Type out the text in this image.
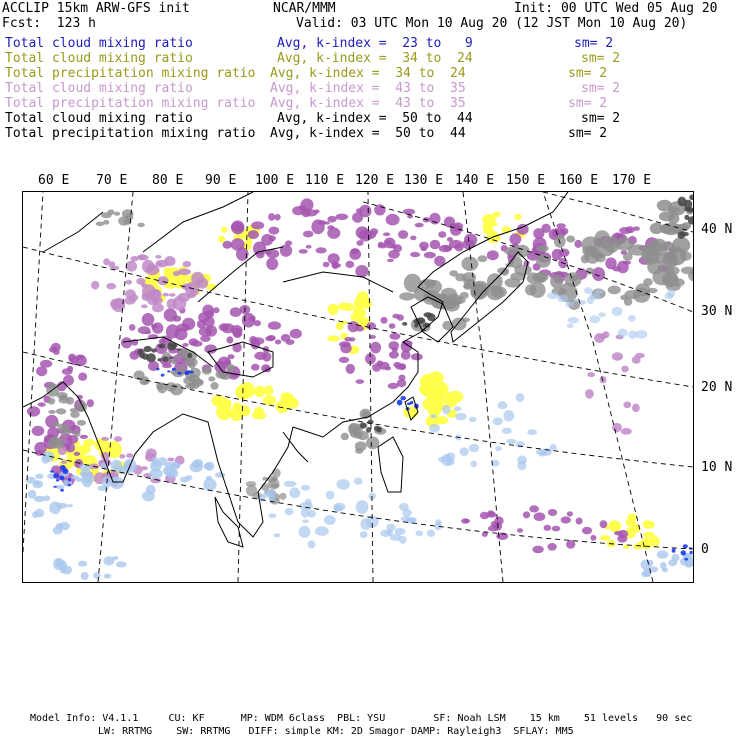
ACCLIP 15km ARW-GFS init	NCAR/MMM	Init: 00 UTC Wed 05 Aug 20
Fcst:  123 h	Valid: 03 UTC Mon 10 Aug 20 (12 JST Mon 10 Aug 20)
Total cloud mixing ratio	Avg, k-index =  23 to   9	sm= 2
Total cloud mixing ratio	Avg, k-index =  34 to  24	sm= 2
Total precipitation mixing ratio Avg, k-index =  34 to  24	sm= 2
Total cloud mixing ratio	Avg, k-index =  43 to  35	sm= 2
Total precipitation mixing ratio Avg, k-index =  43 to  35	sm= 2
Total cloud mixing ratio	Avg, k-index =  50 to  44	sm= 2
Total precipitation mixing ratio Avg, k-index =  50 to  44	sm= 2
60 E 70 E 80 E 90 E 100 E 110 E 120 E 130 E 140 E 150 E 160 E 170 E
40 N
30 N
20 N
10 N
0
Model Info: V4.1.1     CU: KF      MP: WDM 6class  PBL: YSU        SF: Noah LSM    15 km    51 levels   90 sec
LW: RRTMG    SW: RRTMG   DIFF: simple KM: 2D Smagor DAMP: Rayleigh3  SFLAY: MM5
